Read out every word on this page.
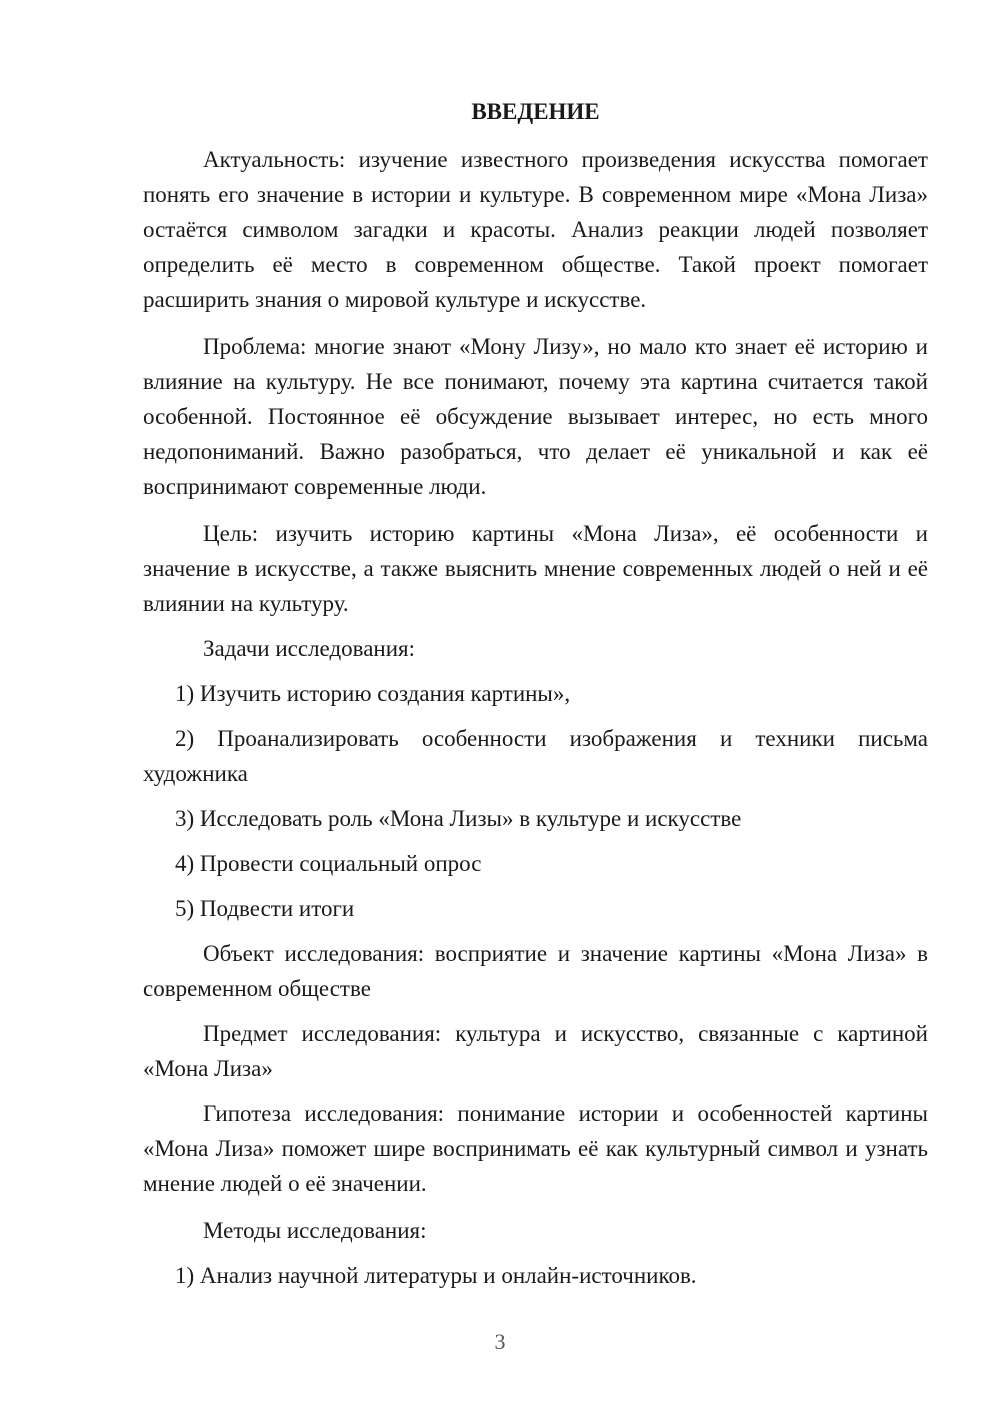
ВВЕДЕНИЕ

Актуальность: изучение известного произведения искусства помогает понять его значение в истории и культуре. В современном мире «Мона Лиза» остаётся символом загадки и красоты. Анализ реакции людей позволяет определить её место в современном обществе. Такой проект помогает расширить знания о мировой культуре и искусстве.

Проблема: многие знают «Мону Лизу», но мало кто знает её историю и влияние на культуру. Не все понимают, почему эта картина считается такой особенной. Постоянное её обсуждение вызывает интерес, но есть много недопониманий. Важно разобраться, что делает её уникальной и как её воспринимают современные люди.

Цель: изучить историю картины «Мона Лиза», её особенности и значение в искусстве, а также выяснить мнение современных людей о ней и её влиянии на культуру.

Задачи исследования:

1) Изучить историю создания картины»,

2) Проанализировать особенности изображения и техники письма художника

3) Исследовать роль «Мона Лизы» в культуре и искусстве

4) Провести социальный опрос

5) Подвести итоги

Объект исследования: восприятие и значение картины «Мона Лиза» в современном обществе

Предмет исследования: культура и искусство, связанные с картиной «Мона Лиза»

Гипотеза исследования: понимание истории и особенностей картины «Мона Лиза» поможет шире воспринимать её как культурный символ и узнать мнение людей о её значении.

Методы исследования:

1) Анализ научной литературы и онлайн-источников.

3
